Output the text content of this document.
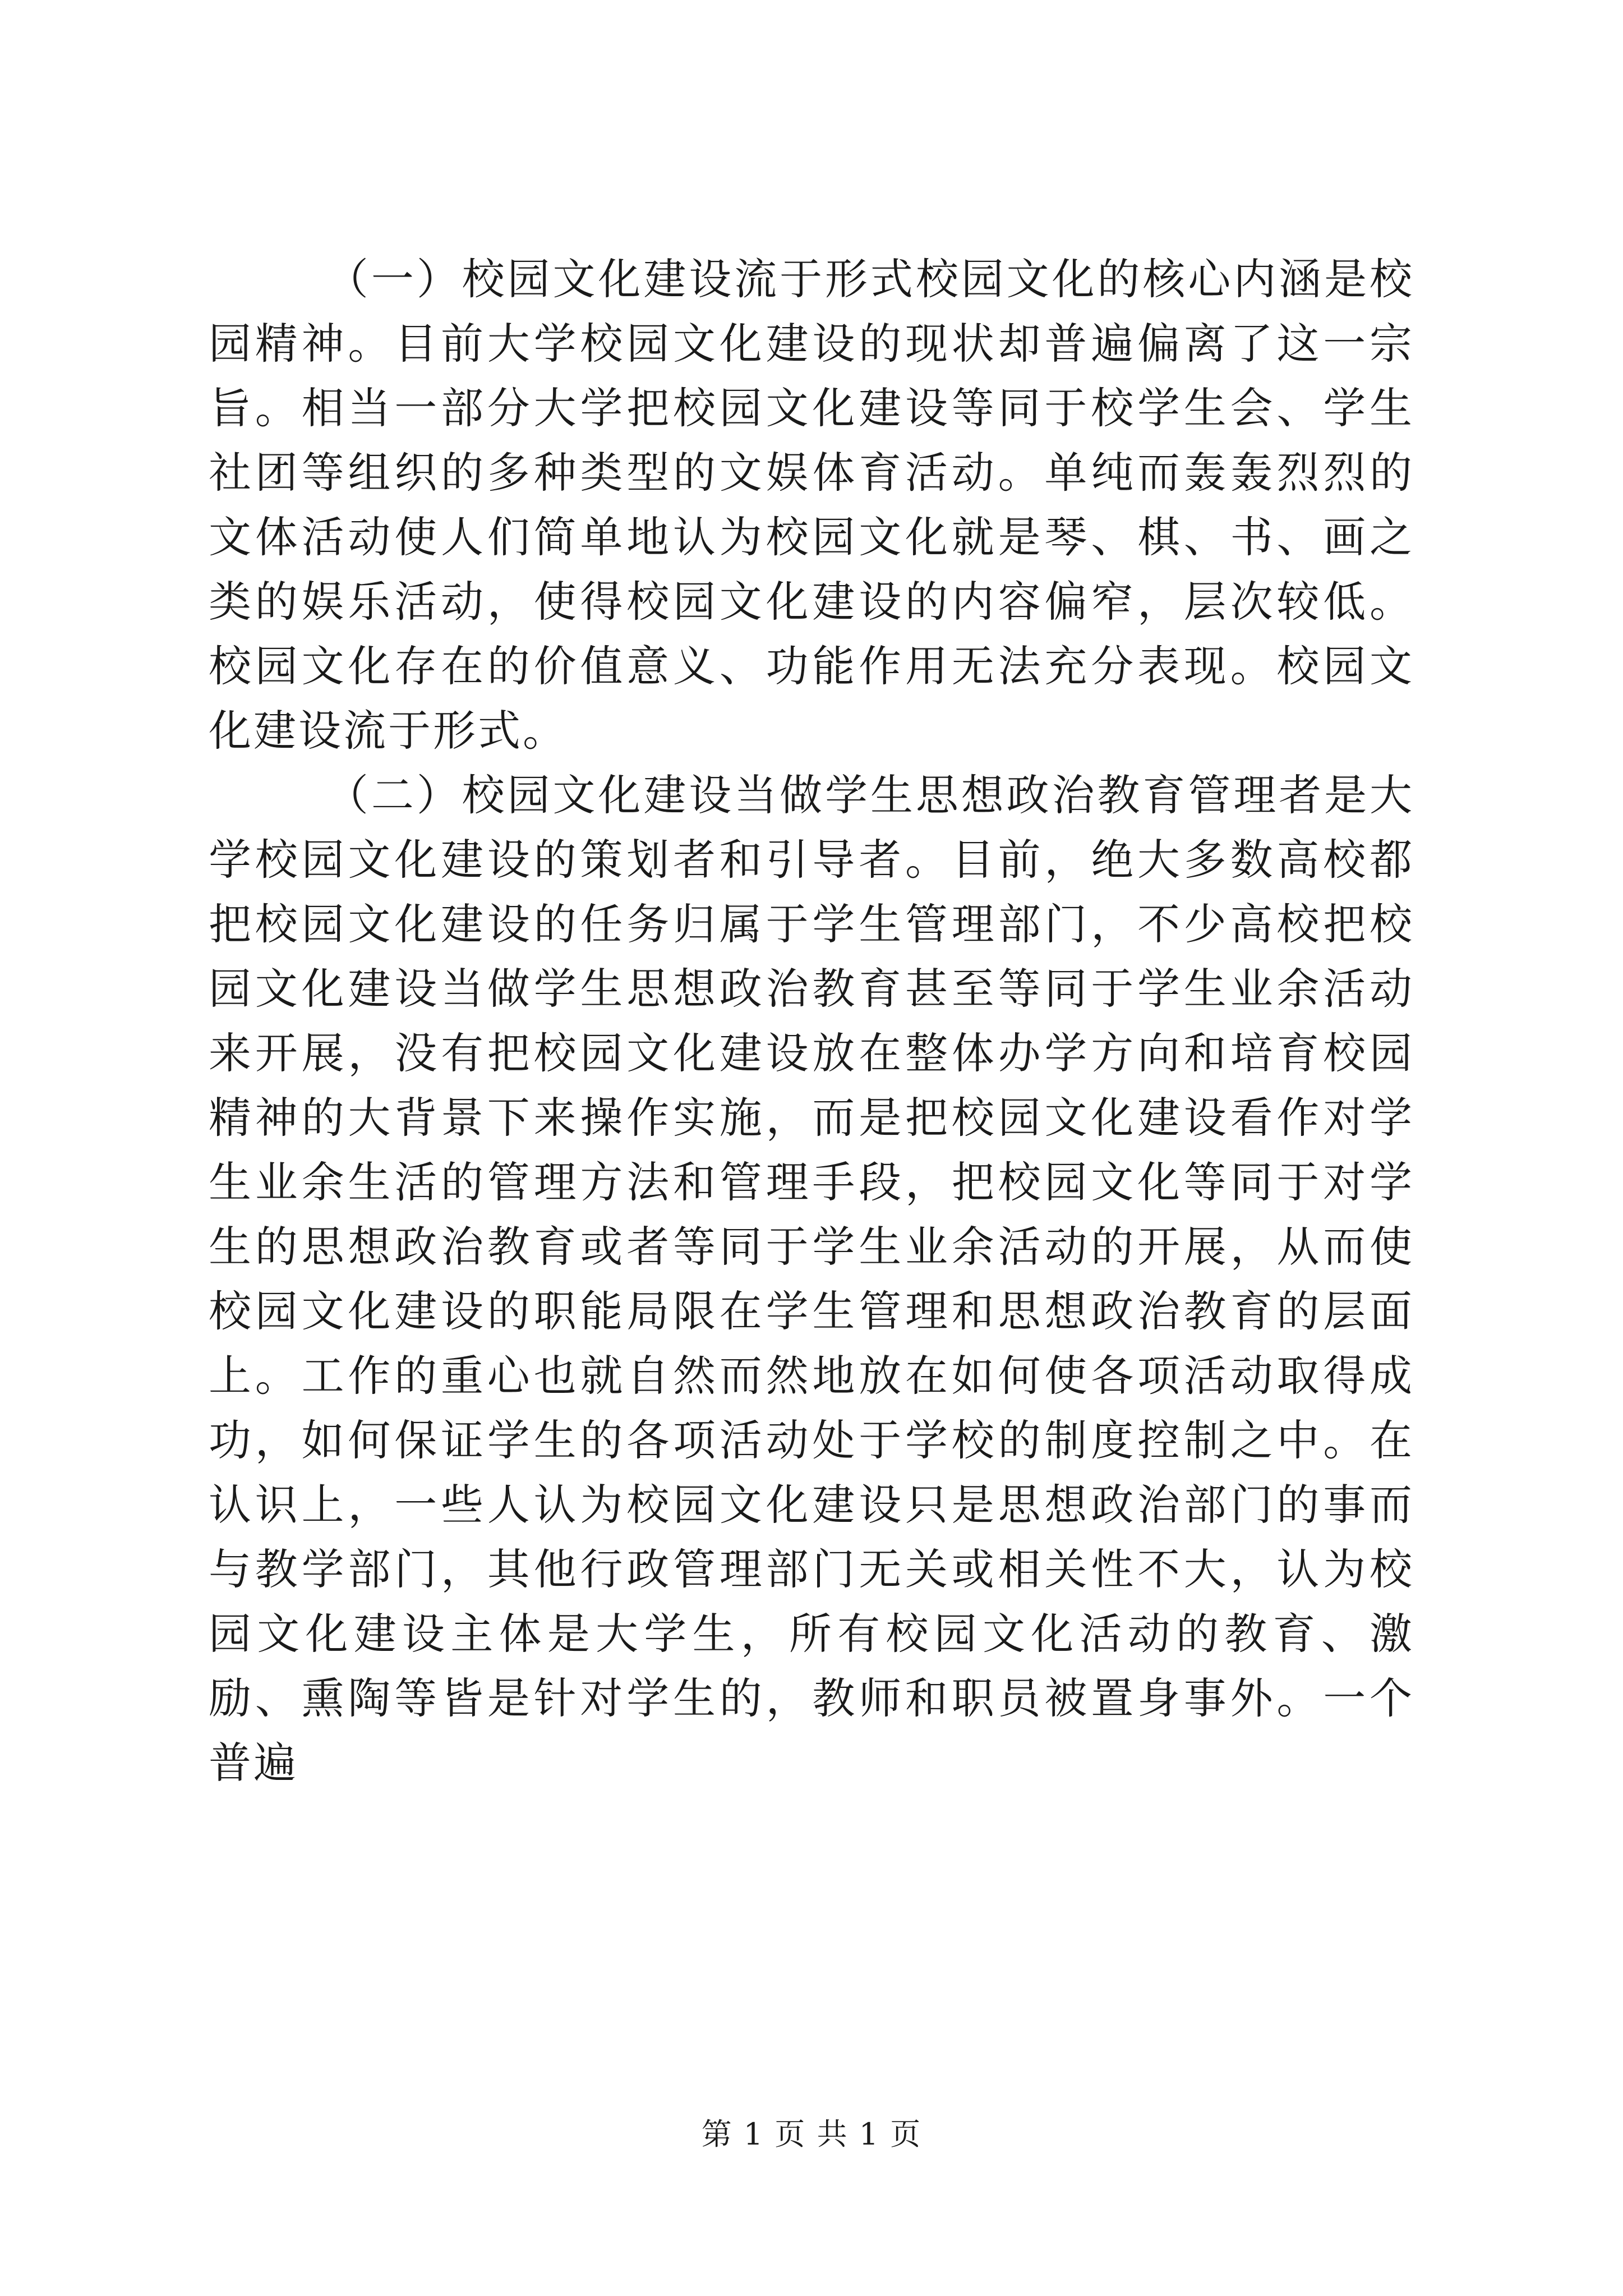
（一）校园文化建设流于形式校园文化的核心内涵是校园精神。目前大学校园文化建设的现状却普遍偏离了这一宗旨。相当一部分大学把校园文化建设等同于校学生会、学生社团等组织的多种类型的文娱体育活动。单纯而轰轰烈烈的文体活动使人们简单地认为校园文化就是琴、棋、书、画之类的娱乐活动，使得校园文化建设的内容偏窄，层次较低。校园文化存在的价值意义、功能作用无法充分表现。校园文化建设流于形式。

（二）校园文化建设当做学生思想政治教育管理者是大学校园文化建设的策划者和引导者。目前，绝大多数高校都把校园文化建设的任务归属于学生管理部门，不少高校把校园文化建设当做学生思想政治教育甚至等同于学生业余活动来开展，没有把校园文化建设放在整体办学方向和培育校园精神的大背景下来操作实施，而是把校园文化建设看作对学生业余生活的管理方法和管理手段，把校园文化等同于对学生的思想政治教育或者等同于学生业余活动的开展，从而使校园文化建设的职能局限在学生管理和思想政治教育的层面上。工作的重心也就自然而然地放在如何使各项活动取得成功，如何保证学生的各项活动处于学校的制度控制之中。在认识上，一些人认为校园文化建设只是思想政治部门的事而与教学部门，其他行政管理部门无关或相关性不大，认为校园文化建设主体是大学生，所有校园文化活动的教育、激励、熏陶等皆是针对学生的，教师和职员被置身事外。一个普遍

第 1 页 共 1 页
